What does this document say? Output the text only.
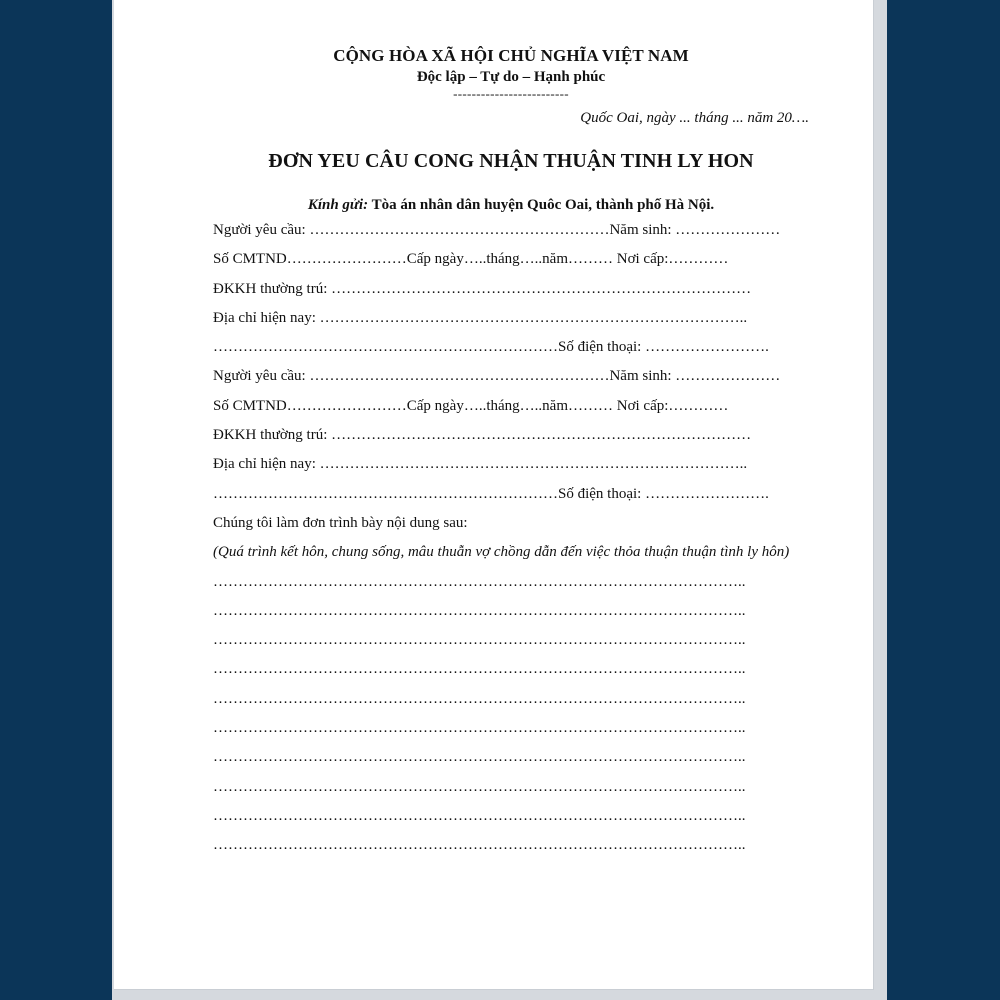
CỘNG HÒA XÃ HỘI CHỦ NGHĨA VIỆT NAM
Độc lập – Tự do – Hạnh phúc
-------------------------
Quốc Oai, ngày ... tháng ... năm 20….
ĐƠN YEU CÂU CONG NHẬN THUẬN TINH LY HON
Kính gửi: Tòa án nhân dân huyện Quôc Oai, thành phố Hà Nội.
Người yêu cầu: ……………………………………………………Năm sinh: …………………
Số CMTND……………………Cấp ngày…..tháng…..năm……… Nơi cấp:…………
ĐKKH thường trú: …………………………………………………………………………
Địa chỉ hiện nay: …………………………………………………………………………..
……………………………………………………………Số điện thoại: …………………….
Người yêu cầu: ……………………………………………………Năm sinh: …………………
Số CMTND……………………Cấp ngày…..tháng…..năm……… Nơi cấp:…………
ĐKKH thường trú: …………………………………………………………………………
Địa chỉ hiện nay: …………………………………………………………………………..
……………………………………………………………Số điện thoại: …………………….
Chúng tôi làm đơn trình bày nội dung sau:
(Quá trình kết hôn, chung sống, mâu thuẫn vợ chồng dẫn đến việc thỏa thuận thuận tình ly hôn)
……………………………………………………………………………………………..
……………………………………………………………………………………………..
……………………………………………………………………………………………..
……………………………………………………………………………………………..
……………………………………………………………………………………………..
……………………………………………………………………………………………..
……………………………………………………………………………………………..
……………………………………………………………………………………………..
……………………………………………………………………………………………..
……………………………………………………………………………………………..
